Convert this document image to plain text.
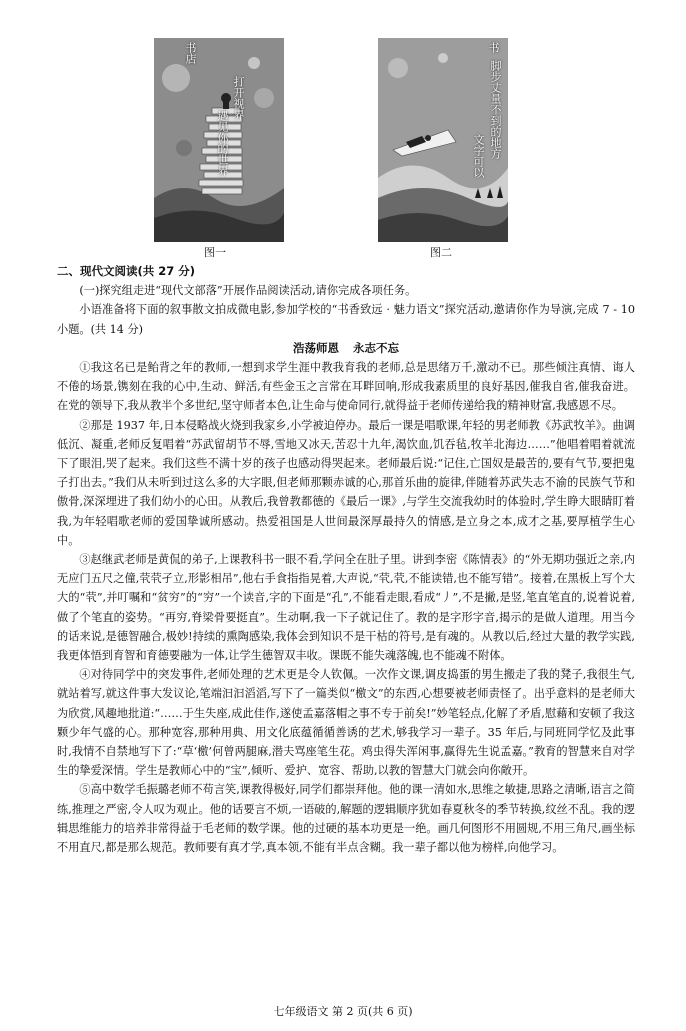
书店
打开视界
遇见你的世界
图一
书
脚步丈量不到的地方
文字可以
图二

二、现代文阅读(共 27 分)

(一)探究组走进“现代文部落”开展作品阅读活动,请你完成各项任务。

小语准备将下面的叙事散文拍成微电影,参加学校的“书香致远 · 魅力语文”探究活动,邀请你作为导演,完成 7 - 10 小题。(共 14 分)

浩荡师恩 永志不忘

①我这名已是鲐背之年的教师,一想到求学生涯中教我育我的老师,总是思绪万千,激动不已。那些倾注真情、诲人不倦的场景,镌刻在我的心中,生动、鲜活,有些金玉之言常在耳畔回响,形成我素质里的良好基因,催我自省,催我奋进。在党的领导下,我从教半个多世纪,坚守师者本色,让生命与使命同行,就得益于老师传递给我的精神财富,我感恩不尽。

②那是 1937 年,日本侵略战火烧到我家乡,小学被迫停办。最后一课是唱歌课,年轻的男老师教《苏武牧羊》。曲调低沉、凝重,老师反复唱着“苏武留胡节不辱,雪地又冰天,苦忍十九年,渴饮血,饥吞毡,牧羊北海边……”他唱着唱着就流下了眼泪,哭了起来。我们这些不满十岁的孩子也感动得哭起来。老师最后说:“记住,亡国奴是最苦的,要有气节,要把鬼子打出去。”我们从未听到过这么多的大字眼,但老师那颗赤诚的心,那首乐曲的旋律,伴随着苏武失志不渝的民族气节和傲骨,深深埋进了我们幼小的心田。从教后,我曾教都德的《最后一课》,与学生交流我幼时的体验时,学生睁大眼睛盯着我,为年轻唱歌老师的爱国挚诚所感动。热爱祖国是人世间最深厚最持久的情感,是立身之本,成才之基,要厚植学生心中。

③赵继武老师是黄侃的弟子,上课教科书一眼不看,学问全在肚子里。讲到李密《陈情表》的“外无期功强近之亲,内无应门五尺之僮,茕茕孑立,形影相吊”,他右手食指指晃着,大声说,“茕,茕,不能读错,也不能写错”。接着,在黑板上写个大大的“茕”,并叮嘱和“贫穷”的“穷”一个读音,字的下面是“孔”,不能看走眼,看成“丿”,不是撇,是竖,笔直笔直的,说着说着,做了个笔直的姿势。“再穷,脊梁骨要挺直”。生动啊,我一下子就记住了。教的是字形字音,揭示的是做人道理。用当今的话来说,是德智融合,极妙!持续的熏陶感染,我体会到知识不是干枯的符号,是有魂的。从教以后,经过大量的教学实践,我更体悟到育智和育德要融为一体,让学生德智双丰收。课既不能失魂落魄,也不能魂不附体。

④对待同学中的突发事件,老师处理的艺术更是令人钦佩。一次作文课,调皮捣蛋的男生搬走了我的凳子,我很生气,就站着写,就这件事大发议论,笔端汩汩滔滔,写下了一篇类似“檄文”的东西,心想要被老师责怪了。出乎意料的是老师大为欣赏,风趣地批道:“……于生失座,成此佳作,遂使孟嘉落帽之事不专于前矣!”妙笔轻点,化解了矛盾,慰藉和安顿了我这颗少年气盛的心。那种宽容,那种用典、用文化底蕴循循善诱的艺术,够我学习一辈子。35 年后,与同班同学忆及此事时,我情不自禁地写下了:“草‘檄’何曾两腿麻,潜夫骂座笔生花。鸡虫得失浑闲事,赢得先生说孟嘉。”教育的智慧来自对学生的挚爱深情。学生是教师心中的“宝”,倾听、爱护、宽容、帮助,以教的智慧大门就会向你敞开。

⑤高中数学毛振璐老师不苟言笑,课教得极好,同学们都崇拜他。他的课一清如水,思维之敏捷,思路之清晰,语言之简练,推理之严密,令人叹为观止。他的话要言不烦,一语破的,解题的逻辑顺序犹如春夏秋冬的季节转换,纹丝不乱。我的逻辑思维能力的培养非常得益于毛老师的数学课。他的过硬的基本功更是一绝。画几何图形不用圆规,不用三角尺,画坐标不用直尺,都是那么规范。教师要有真才学,真本领,不能有半点含糊。我一辈子都以他为榜样,向他学习。

七年级语文 第 2 页(共 6 页)
